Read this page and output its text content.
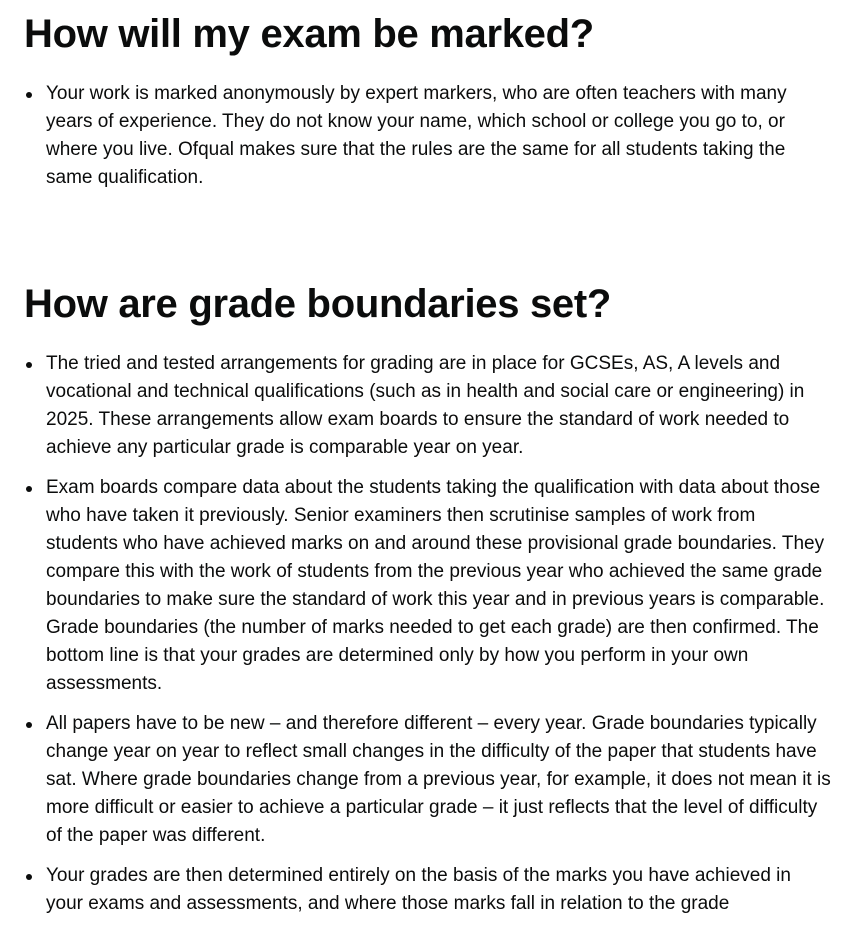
How will my exam be marked?
Your work is marked anonymously by expert markers, who are often teachers with many years of experience. They do not know your name, which school or college you go to, or where you live. Ofqual makes sure that the rules are the same for all students taking the same qualification.
How are grade boundaries set?
The tried and tested arrangements for grading are in place for GCSEs, AS, A levels and vocational and technical qualifications (such as in health and social care or engineering) in 2025. These arrangements allow exam boards to ensure the standard of work needed to achieve any particular grade is comparable year on year.
Exam boards compare data about the students taking the qualification with data about those who have taken it previously. Senior examiners then scrutinise samples of work from students who have achieved marks on and around these provisional grade boundaries. They compare this with the work of students from the previous year who achieved the same grade boundaries to make sure the standard of work this year and in previous years is comparable. Grade boundaries (the number of marks needed to get each grade) are then confirmed. The bottom line is that your grades are determined only by how you perform in your own assessments.
All papers have to be new – and therefore different – every year. Grade boundaries typically change year on year to reflect small changes in the difficulty of the paper that students have sat. Where grade boundaries change from a previous year, for example, it does not mean it is more difficult or easier to achieve a particular grade – it just reflects that the level of difficulty of the paper was different.
Your grades are then determined entirely on the basis of the marks you have achieved in your exams and assessments, and where those marks fall in relation to the grade
